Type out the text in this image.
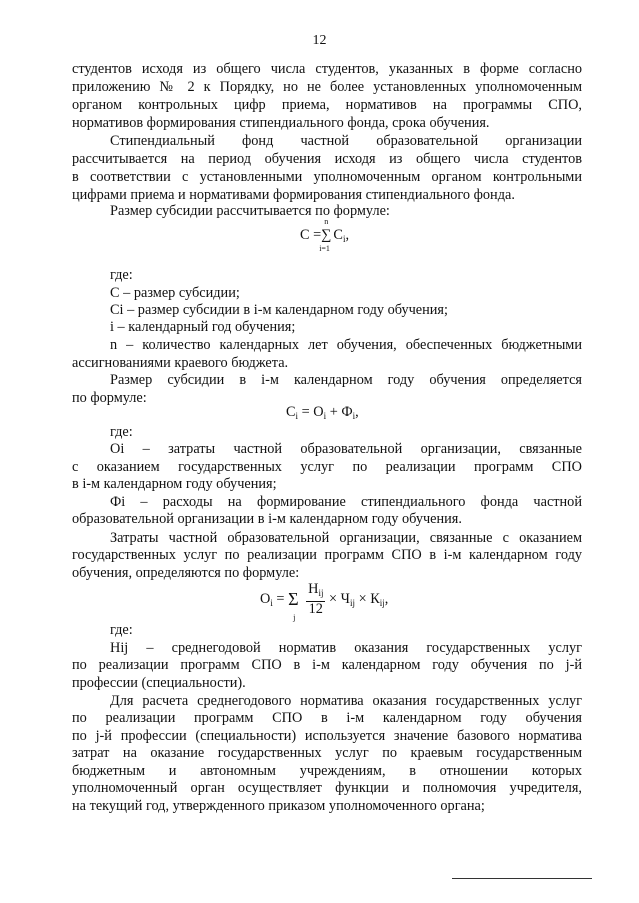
12
студентов исходя из общего числа студентов, указанных в форме согласно
приложению № 2 к Порядку, но не более установленных уполномоченным
органом контрольных цифр приема, нормативов на программы СПО,
нормативов формирования стипендиального фонда, срока обучения.
Стипендиальный фонд частной образовательной организации
рассчитывается на период обучения исходя из общего числа студентов
в соответствии с установленными уполномоченным органом контрольными
цифрами приема и нормативами формирования стипендиального фонда.
Размер субсидии рассчитывается по формуле:
С =
n
∑
i=1
$С_i$,
где:
С – размер субсидии;
Сi – размер субсидии в i-м календарном году обучения;
i – календарный год обучения;
n – количество календарных лет обучения, обеспеченных бюджетными
ассигнованиями краевого бюджета.
Размер субсидии в i-м календарном году обучения определяется
по формуле:
$С_i = О_i + Ф_i$,
где:
Оi – затраты частной образовательной организации, связанные
с оказанием государственных услуг по реализации программ СПО
в i-м календарном году обучения;
Фi – расходы на формирование стипендиального фонда частной
образовательной организации в i-м календарном году обучения.
Затраты частной образовательной организации, связанные с оказанием
государственных услуг по реализации программ СПО в i-м календарном году
обучения, определяются по формуле:
$О_i = \Sigma$
j

$\frac{Н_{ij}}{12} \times Ч_{ij} \times К_{ij}$,
где:
Нij – среднегодовой норматив оказания государственных услуг
по реализации программ СПО в i-м календарном году обучения по j-й
профессии (специальности).
Для расчета среднегодового норматива оказания государственных услуг
по реализации программ СПО в i-м календарном году обучения
по j-й профессии (специальности) используется значение базового норматива
затрат на оказание государственных услуг по краевым государственным
бюджетным и автономным учреждениям, в отношении которых
уполномоченный орган осуществляет функции и полномочия учредителя,
на текущий год, утвержденного приказом уполномоченного органа;
